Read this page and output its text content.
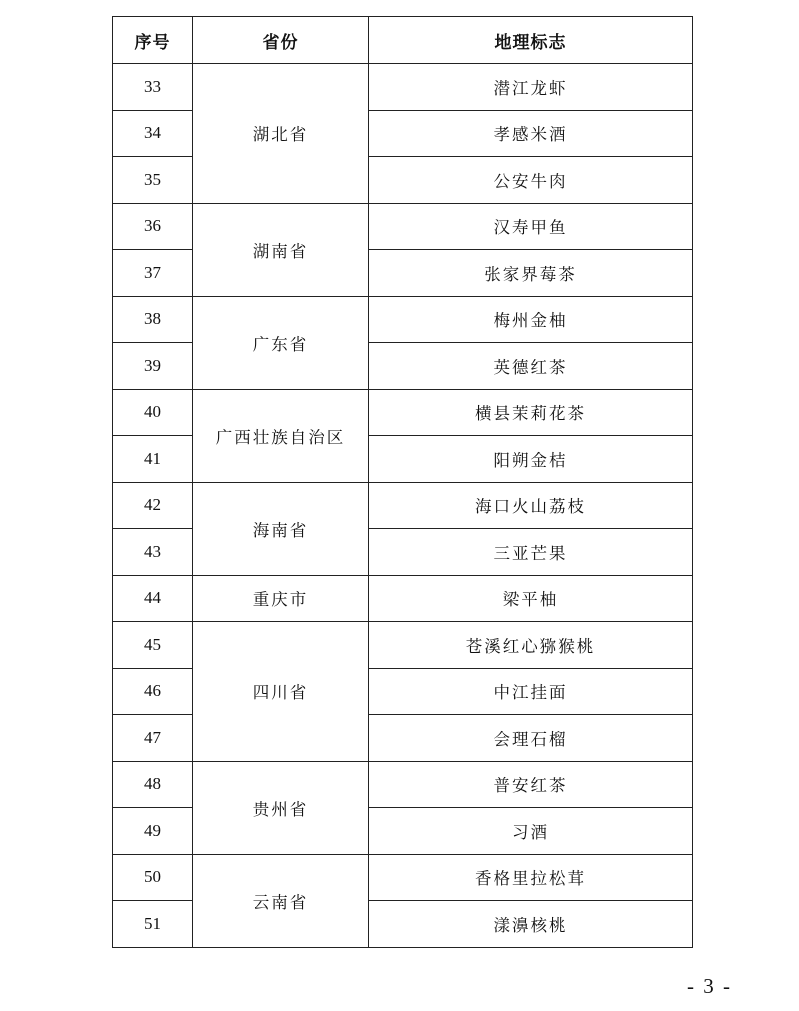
序号	省份	地理标志
33	湖北省	潜江龙虾
34		孝感米酒
35		公安牛肉
36	湖南省	汉寿甲鱼
37		张家界莓茶
38	广东省	梅州金柚
39		英德红茶
40	广西壮族自治区	横县茉莉花茶
41		阳朔金桔
42	海南省	海口火山荔枝
43		三亚芒果
44	重庆市	梁平柚
45	四川省	苍溪红心猕猴桃
46		中江挂面
47		会理石榴
48	贵州省	普安红茶
49		习酒
50	云南省	香格里拉松茸
51		漾濞核桃
- 3 -
